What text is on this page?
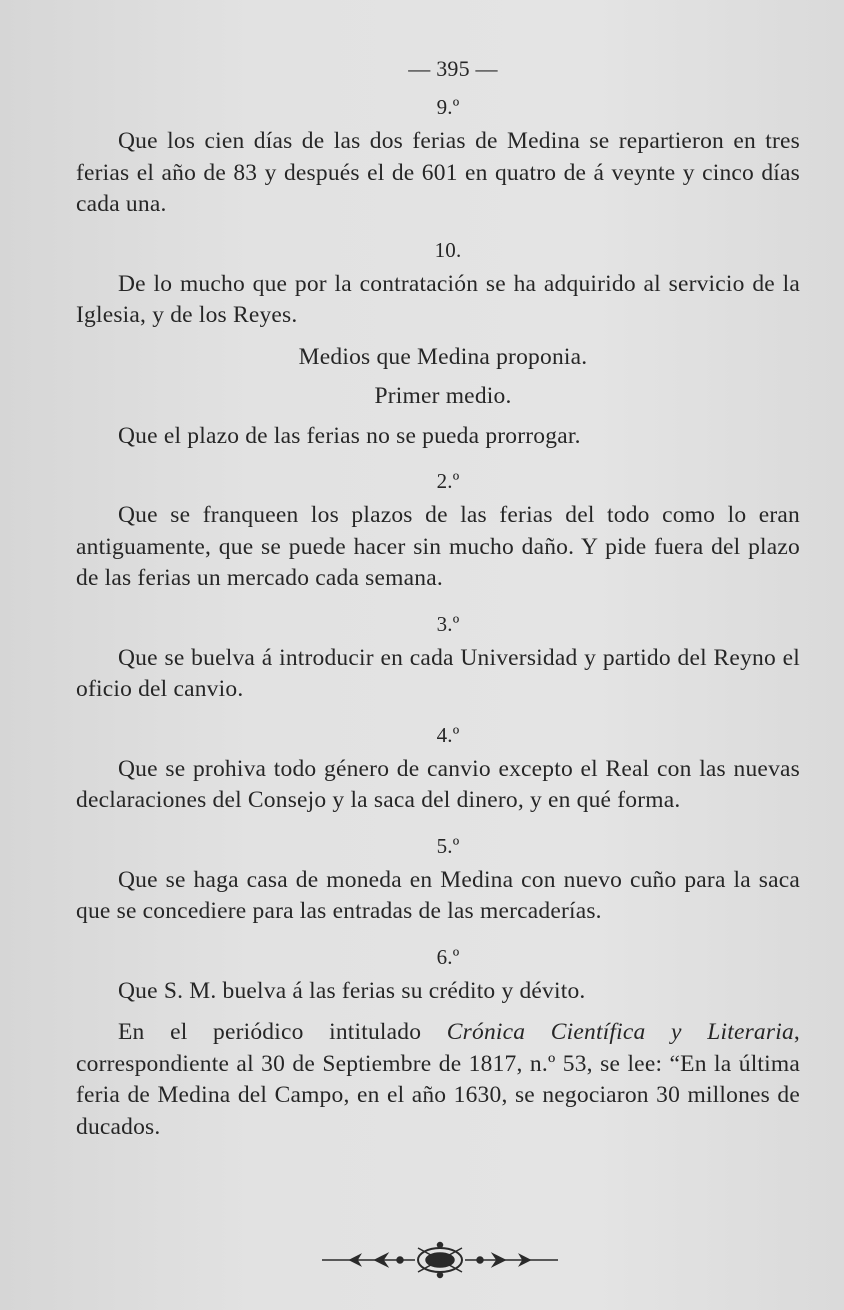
— 395 —
9.º

Que los cien días de las dos ferias de Medina se repartieron en tres ferias el año de 83 y después el de 601 en quatro de á veynte y cinco días cada una.

10.

De lo mucho que por la contratación se ha adquirido al servicio de la Iglesia, y de los Reyes.

Medios que Medina proponia.

Primer medio.

Que el plazo de las ferias no se pueda prorrogar.

2.º

Que se franqueen los plazos de las ferias del todo como lo eran antiguamente, que se puede hacer sin mucho daño. Y pide fuera del plazo de las ferias un mercado cada semana.

3.º

Que se buelva á introducir en cada Universidad y partido del Reyno el oficio del canvio.

4.º

Que se prohiva todo género de canvio excepto el Real con las nuevas declaraciones del Consejo y la saca del dinero, y en qué forma.

5.º

Que se haga casa de moneda en Medina con nuevo cuño para la saca que se concediere para las entradas de las mercaderías.

6.º

Que S. M. buelva á las ferias su crédito y dévito.

En el periódico intitulado Crónica Científica y Literaria, correspondiente al 30 de Septiembre de 1817, n.º 53, se lee: “En la última feria de Medina del Campo, en el año 1630, se negociaron 30 millones de ducados.
